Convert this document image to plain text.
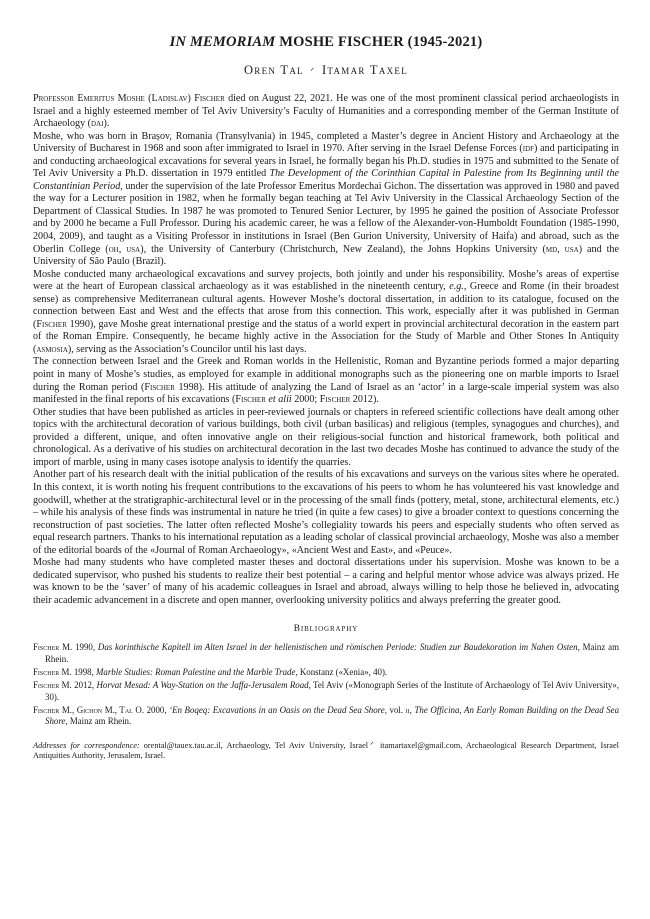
IN MEMORIAM MOSHE FISCHER (1945-2021)
Oren Tal ᐟ Itamar Taxel

Professor Emeritus Moshe (Ladislav) Fischer died on August 22, 2021. He was one of the most prominent classical period archaeologists in Israel and a highly esteemed member of Tel Aviv University’s Faculty of Humanities and a corresponding member of the German Institute of Archaeology (dai).

Moshe, who was born in Brașov, Romania (Transylvania) in 1945, completed a Master’s degree in Ancient History and Archaeology at the University of Bucharest in 1968 and soon after immigrated to Israel in 1970. After serving in the Israel Defense Forces (idf) and participating in and conducting archaeological excavations for several years in Israel, he formally began his Ph.D. studies in 1975 and submitted to the Senate of Tel Aviv University a Ph.D. dissertation in 1979 entitled The Development of the Corinthian Capital in Palestine from Its Beginning until the Constantinian Period, under the supervision of the late Professor Emeritus Mordechai Gichon. The dissertation was approved in 1980 and paved the way for a Lecturer position in 1982, when he formally began teaching at Tel Aviv University in the Classical Archaeology Section of the Department of Classical Studies. In 1987 he was promoted to Tenured Senior Lecturer, by 1995 he gained the position of Associate Professor and by 2000 he became a Full Professor. During his academic career, he was a fellow of the Alexander-von-Humboldt Foundation (1985-1990, 2004, 2009), and taught as a Visiting Professor in institutions in Israel (Ben Gurion University, University of Haifa) and abroad, such as the Oberlin College (oh, usa), the University of Canterbury (Christchurch, New Zealand), the Johns Hopkins University (md, usa) and the University of São Paulo (Brazil).

Moshe conducted many archaeological excavations and survey projects, both jointly and under his responsibility. Moshe’s areas of expertise were at the heart of European classical archaeology as it was established in the nineteenth century, e.g., Greece and Rome (in their broadest sense) as comprehensive Mediterranean cultural agents. However Moshe’s doctoral dissertation, in addition to its catalogue, focused on the connection between East and West and the effects that arose from this connection. This work, especially after it was published in German (Fischer 1990), gave Moshe great international prestige and the status of a world expert in provincial architectural decoration in the eastern part of the Roman Empire. Consequently, he became highly active in the Association for the Study of Marble and Other Stones In Antiquity (asmosia), serving as the Association’s Councilor until his last days.

The connection between Israel and the Greek and Roman worlds in the Hellenistic, Roman and Byzantine periods formed a major departing point in many of Moshe’s studies, as employed for example in additional monographs such as the pioneering one on marble imports to Israel during the Roman period (Fischer 1998). His attitude of analyzing the Land of Israel as an ‘actor’ in a large-scale imperial system was also manifested in the final reports of his excavations (Fischer et alii 2000; Fischer 2012).

Other studies that have been published as articles in peer-reviewed journals or chapters in refereed scientific collections have dealt among other topics with the architectural decoration of various buildings, both civil (urban basilicas) and religious (temples, synagogues and churches), and provided a different, unique, and often innovative angle on their religious-social function and historical framework, both political and chronological. As a derivative of his studies on architectural decoration in the last two decades Moshe has continued to advance the study of the import of marble, using in many cases isotope analysis to identify the quarries.

Another part of his research dealt with the initial publication of the results of his excavations and surveys on the various sites where he operated. In this context, it is worth noting his frequent contributions to the excavations of his peers to whom he has volunteered his vast knowledge and goodwill, whether at the stratigraphic-architectural level or in the processing of the small finds (pottery, metal, stone, architectural elements, etc.) – while his analysis of these finds was instrumental in nature he tried (in quite a few cases) to give a broader context to questions concerning the reconstruction of past societies. The latter often reflected Moshe’s collegiality towards his peers and especially students who often served as equal research partners. Thanks to his international reputation as a leading scholar of classical provincial archaeology, Moshe was also a member of the editorial boards of the «Journal of Roman Archaeology», «Ancient West and East», and «Peuce».

Moshe had many students who have completed master theses and doctoral dissertations under his supervision. Moshe was known to be a dedicated supervisor, who pushed his students to realize their best potential – a caring and helpful mentor whose advice was always prized. He was known to be the ‘saver’ of many of his academic colleagues in Israel and abroad, always willing to help those he believed in, advocating their academic advancement in a discrete and open manner, overlooking university politics and always preferring the greater good.

Bibliography

Fischer M. 1990, Das korinthische Kapitell im Alten Israel in der hellenistischen und römischen Periode: Studien zur Baudekoration im Nahen Osten, Mainz am Rhein.

Fischer M. 1998, Marble Studies: Roman Palestine and the Marble Trade, Konstanz («Xenia», 40).

Fischer M. 2012, Horvat Mesad: A Way-Station on the Jaffa-Jerusalem Road, Tel Aviv («Monograph Series of the Institute of Archaeology of Tel Aviv University», 30).

Fischer M., Gichon M., Tal O. 2000, ‘En Boqeq: Excavations in an Oasis on the Dead Sea Shore, vol. ii, The Officina, An Early Roman Building on the Dead Sea Shore, Mainz am Rhein.

Addresses for correspondence: orental@tauex.tau.ac.il, Archaeology, Tel Aviv University, Israel ᐟ itamartaxel@gmail.com, Archaeological Research Department, Israel Antiquities Authority, Jerusalem, Israel.
